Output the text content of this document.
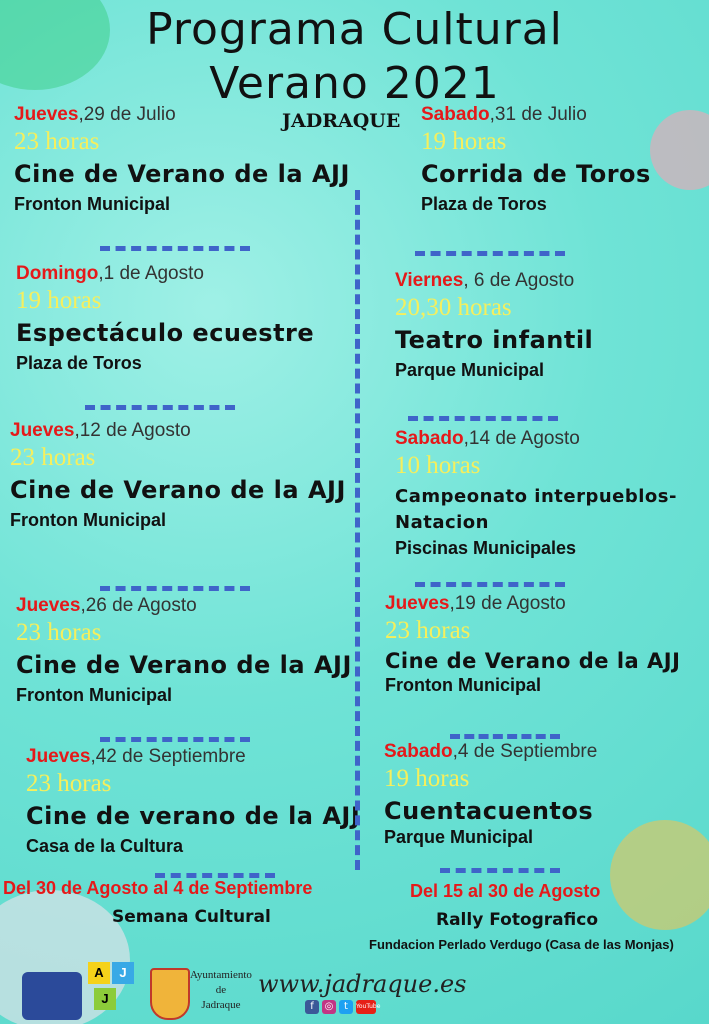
Programa Cultural
Verano 2021
JADRAQUE
Jueves,29 de Julio
23 horas
Cine de Verano de la AJJ
Fronton Municipal
Domingo,1 de Agosto
19 horas
Espectáculo ecuestre
Plaza de Toros
Jueves,12 de Agosto
23 horas
Cine de Verano de la AJJ
Fronton Municipal
Jueves,26 de Agosto
23 horas
Cine de Verano de la AJJ
Fronton Municipal
Jueves,42 de Septiembre
23 horas
Cine de verano de la AJJ
Casa de la Cultura
Sabado,31 de Julio
19 horas
Corrida de Toros
Plaza de Toros
Viernes, 6 de Agosto
20,30 horas
Teatro infantil
Parque Municipal
Sabado,14 de Agosto
10 horas
Campeonato interpueblos-Natacion
Piscinas Municipales
Jueves,19 de Agosto
23 horas
Cine de Verano de la AJJ
Fronton Municipal
Sabado,4 de Septiembre
19 horas
Cuentacuentos
Parque Municipal
Del 30 de Agosto al 4 de Septiembre
Semana Cultural
Del 15 al 30 de Agosto
Rally Fotografico
Fundacion Perlado Verdugo (Casa de las Monjas)
A	J
J
Ayuntamiento
de
Jadraque
www.jadraque.es
f	◎	t	YouTube
